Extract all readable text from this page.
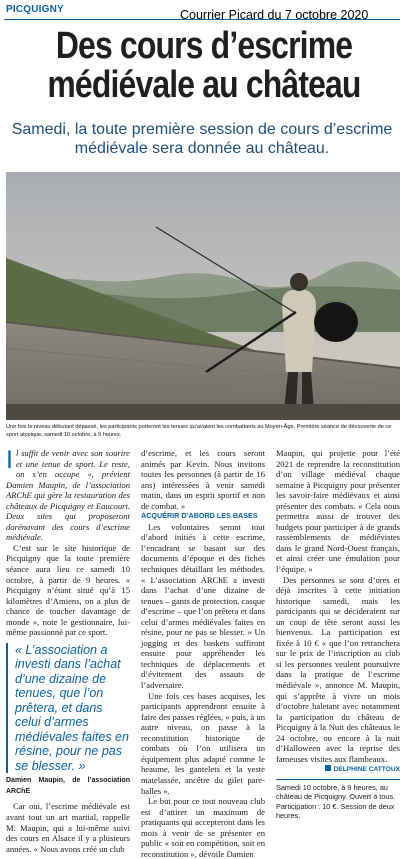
PICQUIGNY	Courrier Picard du 7 octobre 2020
Des cours d’escrime médiévale au château
Samedi, la toute première session de cours d’escrime médiévale sera donnée au château.
Une fois le niveau débutant dépassé, les participants porteront les tenues qu’avaient les combattants au Moyen-Âge. Première séance de découverte de ce sport atypique, samedi 10 octobre, à 9 heures.

Il suffit de venir avec son sourire et une tenue de sport. Le reste, on s’en occupe », prévient Damien Maupin, de l’association ARChE qui gère la restauration des châteaux de Picquigny et Eaucourt. Deux sites qui proposeront dorénavant des cours d’escrime médiévale.

C’est sur le site historique de Picquigny que la toute première séance aura lieu ce samedi 10 octobre, à partir de 9 heures. « Picquigny n’étant situé qu’à 15 kilomètres d’Amiens, on a plus de chance de toucher davantage de monde », note le gestionnaire, lui-même passionné par ce sport.

« L’association a investi dans l’achat d’une dizaine de tenues, que l’on prêtera, et dans celui d’armes médiévales faites en résine, pour ne pas se blesser. »
Damien Maupin, de l’association ARChE

Car oui, l’escrime médiévale est avant tout un art martial, rappelle M. Maupin, qui a lui-même suivi des cours en Alsace il y a plusieurs années. « Nous avons créé un club

d’escrime, et les cours seront animés par Kevin. Nous invitons toutes les personnes (à partir de 16 ans) intéressées à venir samedi matin, dans un esprit sportif et non de combat. »

ACQUÉRIR D’ABORD LES BASES

Les volontaires seront tout d’abord initiés à cette escrime, l’encadrant se basant sur des documents d’époque et des fiches techniques détaillant les méthodes. « L’association ARChE a investi dans l’achat d’une dizaine de tenues – gants de protection, casque d’escrime – que l’on prêtera et dans celui d’armes médiévales faites en résine, pour ne pas se blesser. » Un jogging et des baskets suffiront ensuite pour appréhender les techniques de déplacements et d’évitement des assauts de l’adversaire.

Une fois ces bases acquises, les participants apprendront ensuite à faire des passes réglées, « puis, à un autre niveau, on passe à la reconstitution historique de combats où l’on utilisera un équipement plus adapté comme le heaume, les gantelets et la veste matelassée, ancêtre du gilet pare-balles ».

Le but pour ce tout nouveau club est d’attirer un maximum de pratiquants qui accepteront dans les mois à venir de se présenter en public « soit en compétition, soit en reconstitution », dévoile Damien

Maupin, qui projette pour l’été 2021 de reprendre la reconstitution d’un village médiéval chaque semaine à Picquigny pour présenter les savoir-faire médiévaux et ainsi présenter des combats. « Cela nous permettra aussi de trouver des budgets pour participer à de grands rassemblements de médiévistes dans le grand Nord-Ouest français, et ainsi créer une émulation pour l’équipe. »

Des personnes se sont d’ores et déjà inscrites à cette initiation historique samedi, mais les participants qui se décideraient sur un coup de tête seront aussi les bienvenus. La participation est fixée à 10 € « que l’on retranchera sur le prix de l’inscription au club si les personnes veulent poursuivre dans la pratique de l’escrime médiévale », annonce M. Maupin, qui s’apprête à vivre un mois d’octobre haletant avec notamment la participation du château de Picquigny à la Nuit des châteaux le 24 octobre, ou encore à la nuit d’Halloween avec la reprise des fameuses visites aux flambeaux.

DELPHINE CATTOUX
Samedi 10 octobre, à 9 heures, au château de Picquigny. Ouvert à tous. Participation : 10 €. Session de deux heures.
